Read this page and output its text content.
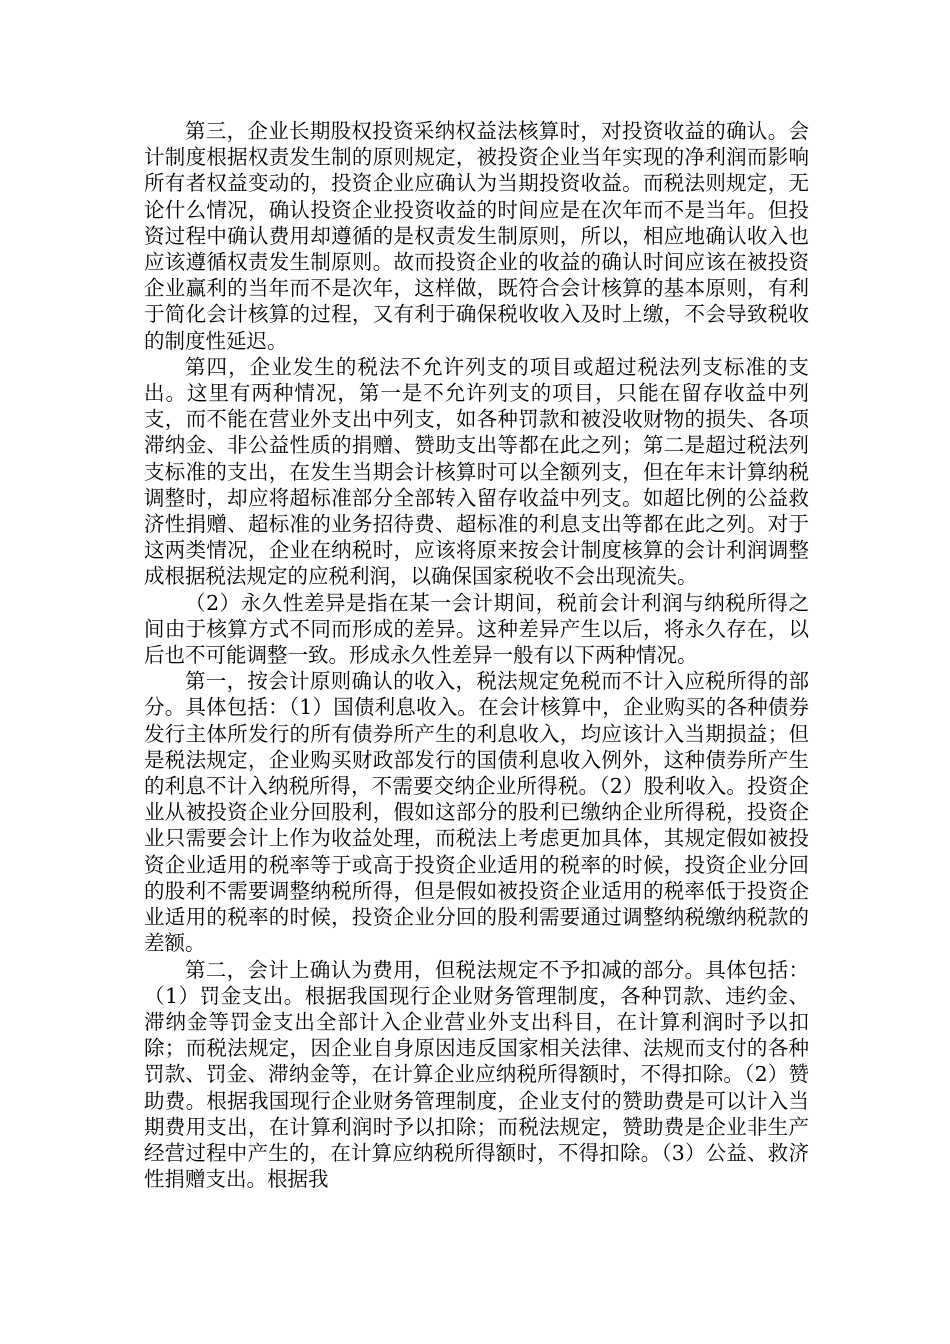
第三，企业长期股权投资采纳权益法核算时，对投资收益的确认。会计制度根据权责发生制的原则规定，被投资企业当年实现的净利润而影响所有者权益变动的，投资企业应确认为当期投资收益。而税法则规定，无论什么情况，确认投资企业投资收益的时间应是在次年而不是当年。但投资过程中确认费用却遵循的是权责发生制原则，所以，相应地确认收入也应该遵循权责发生制原则。故而投资企业的收益的确认时间应该在被投资企业赢利的当年而不是次年，这样做，既符合会计核算的基本原则，有利于简化会计核算的过程，又有利于确保税收收入及时上缴，不会导致税收的制度性延迟。

第四，企业发生的税法不允许列支的项目或超过税法列支标准的支出。这里有两种情况，第一是不允许列支的项目，只能在留存收益中列支，而不能在营业外支出中列支，如各种罚款和被没收财物的损失、各项滞纳金、非公益性质的捐赠、赞助支出等都在此之列；第二是超过税法列支标准的支出，在发生当期会计核算时可以全额列支，但在年末计算纳税调整时，却应将超标准部分全部转入留存收益中列支。如超比例的公益救济性捐赠、超标准的业务招待费、超标准的利息支出等都在此之列。对于这两类情况，企业在纳税时，应该将原来按会计制度核算的会计利润调整成根据税法规定的应税利润，以确保国家税收不会出现流失。

（2）永久性差异是指在某一会计期间，税前会计利润与纳税所得之间由于核算方式不同而形成的差异。这种差异产生以后，将永久存在，以后也不可能调整一致。形成永久性差异一般有以下两种情况。

第一，按会计原则确认的收入，税法规定免税而不计入应税所得的部分。具体包括：（1）国债利息收入。在会计核算中，企业购买的各种债券发行主体所发行的所有债券所产生的利息收入，均应该计入当期损益；但是税法规定，企业购买财政部发行的国债利息收入例外，这种债券所产生的利息不计入纳税所得，不需要交纳企业所得税。（2）股利收入。投资企业从被投资企业分回股利，假如这部分的股利已缴纳企业所得税，投资企业只需要会计上作为收益处理，而税法上考虑更加具体，其规定假如被投资企业适用的税率等于或高于投资企业适用的税率的时候，投资企业分回的股利不需要调整纳税所得，但是假如被投资企业适用的税率低于投资企业适用的税率的时候，投资企业分回的股利需要通过调整纳税缴纳税款的差额。

第二，会计上确认为费用，但税法规定不予扣减的部分。具体包括：（1）罚金支出。根据我国现行企业财务管理制度，各种罚款、违约金、滞纳金等罚金支出全部计入企业营业外支出科目，在计算利润时予以扣除；而税法规定，因企业自身原因违反国家相关法律、法规而支付的各种罚款、罚金、滞纳金等，在计算企业应纳税所得额时，不得扣除。（2）赞助费。根据我国现行企业财务管理制度，企业支付的赞助费是可以计入当期费用支出，在计算利润时予以扣除；而税法规定，赞助费是企业非生产经营过程中产生的，在计算应纳税所得额时，不得扣除。（3）公益、救济性捐赠支出。根据我
